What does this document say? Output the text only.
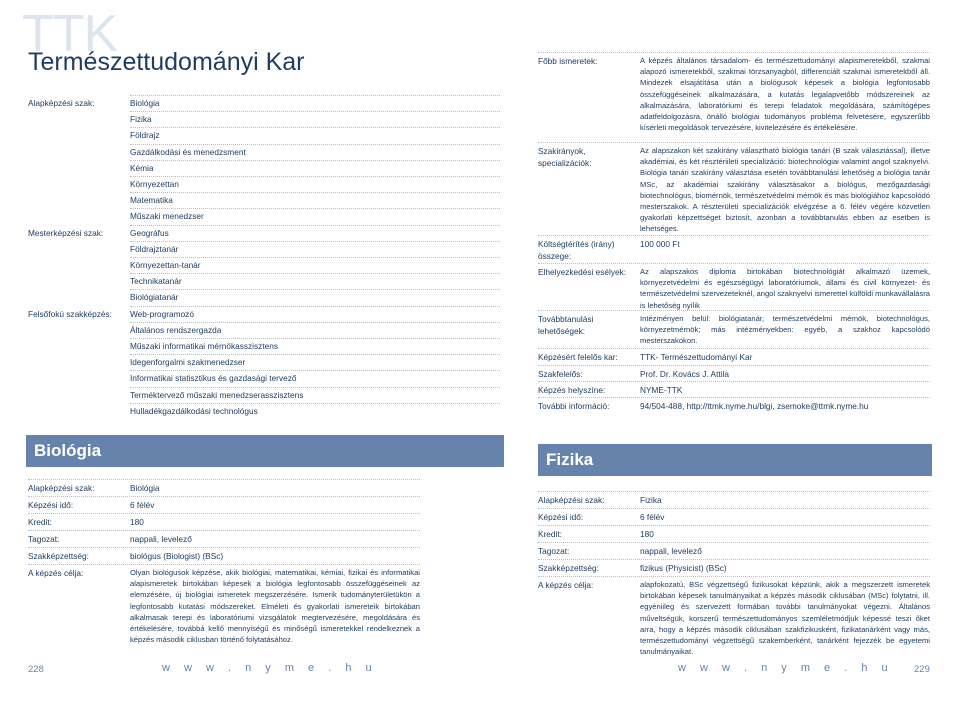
TTK
Természettudományi Kar
Biológia	Fizika
228	w w w . n y m e . h u	w w w . n y m e . h u 229
Alapképzési szak:	Biológia
Fizika
Földrajz
Gazdálkodási és menedzsment
Kémia
Környezettan
Matematika
Műszaki menedzser
Mesterképzési szak:	Geográfus
Földrajztanár
Környezettan-tanár
Technikatanár
Biológiatanár
Felsőfokú szakképzés: Web-programozó
Általános rendszergazda
Műszaki informatikai mérnökasszisztens
Idegenforgalmi szakmenedzser
Informatikai statisztikus és gazdasági tervező
Terméktervező műszaki menedzserasszisztens
Hulladékgazdálkodási technológus
Alapképzési szak:	Biológia
Képzési idő:	6 félév
Kredit:	180
Tagozat:	nappali, levelező
Szakképzettség:	biológus (Biologist) (BSc)
A képzés célja:	Olyan biológusok képzése, akik biológiai, matematikai, kémiai, fizikai és informatikai alapismeretek birtokában képesek a biológia legfontosabb összefüggéseinek az elemzésére, új biológiai ismeretek megszerzésére. Ismerik tudományterületükön a legfontosabb kutatási módszereket. Elméleti és gyakorlati ismereteik birtokában alkalmasak terepi és laboratóriumi vizsgálatok megtervezésére, megoldására és értékelésére, továbbá kellő mennyiségű és minőségű ismeretekkel rendelkeznek a képzés második ciklusban történő folytatásához.
Főbb ismeretek:	A képzés általános társadalom- és természettudományi alapismeretekből, szakmai alapozó ismeretekből, szakmai törzsanyagból, differenciált szakmai ismeretekből áll. Mindezek elsajátítása után a biológusok képesek a biológia legfontosabb összefüggéseinek alkalmazására, a kutatás legalapvetőbb módszereinek az alkalmazására, laboratóriumi és terepi feladatok megoldására, számítógépes adatfeldolgozásra, önálló biológiai tudományos probléma felvetésére, egyszerűbb kísérleti megoldások tervezésére, kivitelezésére és értékelésére.
Szakirányok, specializációk:
Az alapszakon két szakirány választható biológia tanári (B szak választással), illetve akadémiai, és két résztériileti specializáció: biotechnológiai valamint angol szaknyelvi. Biológia tanári szakirány választása esetén továbbtanulási lehetőség a biológia tanár MSc, az akadémiai szakirány választásakor a biológus, mezőgazdasági biotechnológus, biomérnök, természetvédelmi mérnök és más biológiához kapcsolódó mesterszakok. A részterületi specializációk elvégzése a 6. félév végére közvetlen gyakorlati képzettséget biztosít, azonban a továbbtanulás ebben az esetben is lehetséges.
Költségtérítés (irány) összege:
100 000 Ft
Elhelyezkedési esélyek:	Az alapszakos diploma birtokában biotechnológiát alkalmazó üzemek, környezetvédelmi és egészségügyi laboratóriumok, állami és civil környezet- és természetvédelmi szervezeteknél, angol szaknyelvi ismerettel külföldi munkavállalásra is lehetőség nyílik
Továbbtanulási lehetőségek:
Intézményen belül: biológiatanár, természetvédelmi mérnök, biotechnológus, környezetmérnök; más intézményekben: egyéb, a szakhoz kapcsolódó mesterszakokon.
Képzésért felelős kar:	TTK- Természettudományi Kar
Szakfelelős:	Prof. Dr. Kovács J. Attila
Képzés helyszíne:	NYME-TTK
További információ:	94/504-488, http://ttmk.nyme.hu/blgi, zsemoke@ttmk.nyme.hu
Alapképzési szak:	Fizika
Képzési idő:	6 félév
Kredit:	180
Tagozat:	nappali, levelező
Szakképzettség:	fizikus (Physicist) (BSc)
A képzés célja:	alapfokozatú, BSc végzettségű fizikusokat képzünk, akik a megszerzett ismeretek birtokában képesek tanulmányaikat a képzés második ciklusában (MSc) folytatni, ill. egyéniileg és szervezett formában további tanulmányokat végezni. Általános műveltségük, korszerű természettudományos szemléletmódjuk képessé teszi őket arra, hogy a képzés második ciklusában szakfizikusként, fizikatanárként vagy más, természettudományi végzettségű szakemberként, tanárként fejezzék be egyetemi tanulmányaikat.
